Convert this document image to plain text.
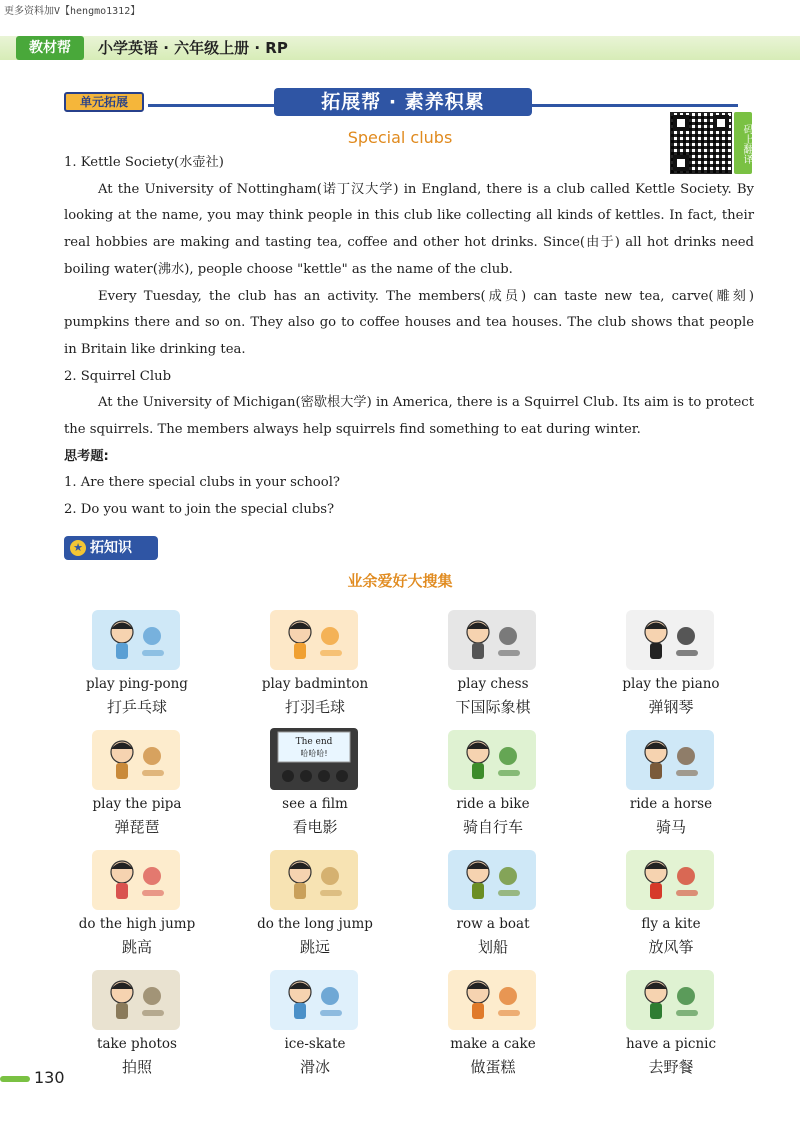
更多资料加V【hengmo1312】
教材帮	小学英语 · 六年级上册 · RP
单元拓展	拓展帮 · 素养积累
码上翻译
Special clubs
1. Kettle Society(水壶社)
At the University of Nottingham(诺丁汉大学) in England, there is a club called Kettle Society. By looking at the name, you may think people in this club like collecting all kinds of kettles. In fact, their real hobbies are making and tasting tea, coffee and other hot drinks. Since(由于) all hot drinks need boiling water(沸水), people choose "kettle" as the name of the club.
Every Tuesday, the club has an activity. The members(成员) can taste new tea, carve(雕刻) pumpkins there and so on. They also go to coffee houses and tea houses. The club shows that people in Britain like drinking tea.
2. Squirrel Club
At the University of Michigan(密歇根大学) in America, there is a Squirrel Club. Its aim is to protect the squirrels. The members always help squirrels find something to eat during winter.
思考题:
1. Are there special clubs in your school?
2. Do you want to join the special clubs?
★ 拓知识
业余爱好大搜集
play ping-pong
打乒乓球
play badminton
打羽毛球
play chess
下国际象棋
play the piano
弹钢琴
play the pipa
弹琵琶
The end
哈哈哈!
see a film
看电影
ride a bike
骑自行车
ride a horse
骑马
do the high jump
跳高
do the long jump
跳远
row a boat
划船
fly a kite
放风筝
take photos
拍照
ice-skate
滑冰
make a cake
做蛋糕
have a picnic
去野餐
130
